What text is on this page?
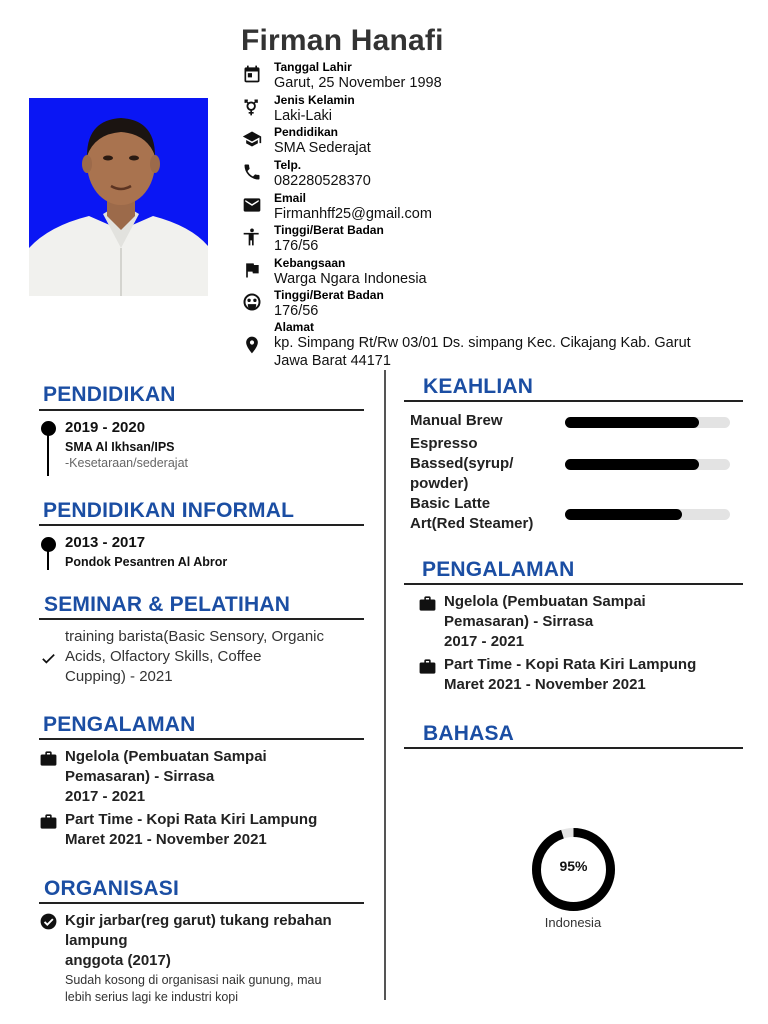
Firman Hanafi
Tanggal Lahir
Garut, 25 November 1998
Jenis Kelamin
Laki-Laki
Pendidikan
SMA Sederajat
Telp.
082280528370
Email
Firmanhff25@gmail.com
Tinggi/Berat Badan
176/56
Kebangsaan
Warga Ngara Indonesia
Tinggi/Berat Badan
176/56
Alamat
kp. Simpang Rt/Rw 03/01 Ds. simpang Kec. Cikajang Kab. Garut
Jawa Barat 44171
PENDIDIKAN
2019 - 2020
SMA Al Ikhsan/IPS
-Kesetaraan/sederajat
PENDIDIKAN INFORMAL
2013 - 2017
Pondok Pesantren Al Abror
SEMINAR & PELATIHAN
training barista(Basic Sensory, Organic
Acids, Olfactory Skills, Coffee
Cupping) - 2021
PENGALAMAN
Ngelola (Pembuatan Sampai
Pemasaran) - Sirrasa
2017 - 2021
Part Time - Kopi Rata Kiri Lampung
Maret 2021 - November 2021
ORGANISASI
Kgir jarbar(reg garut) tukang rebahan
lampung
anggota (2017)
Sudah kosong di organisasi naik gunung, mau
lebih serius lagi ke industri kopi
KEAHLIAN
Manual Brew
Espresso
Bassed(syrup/
powder)
Basic Latte
Art(Red Steamer)
PENGALAMAN
Ngelola (Pembuatan Sampai
Pemasaran) - Sirrasa
2017 - 2021
Part Time - Kopi Rata Kiri Lampung
Maret 2021 - November 2021
BAHASA
95%
Indonesia
